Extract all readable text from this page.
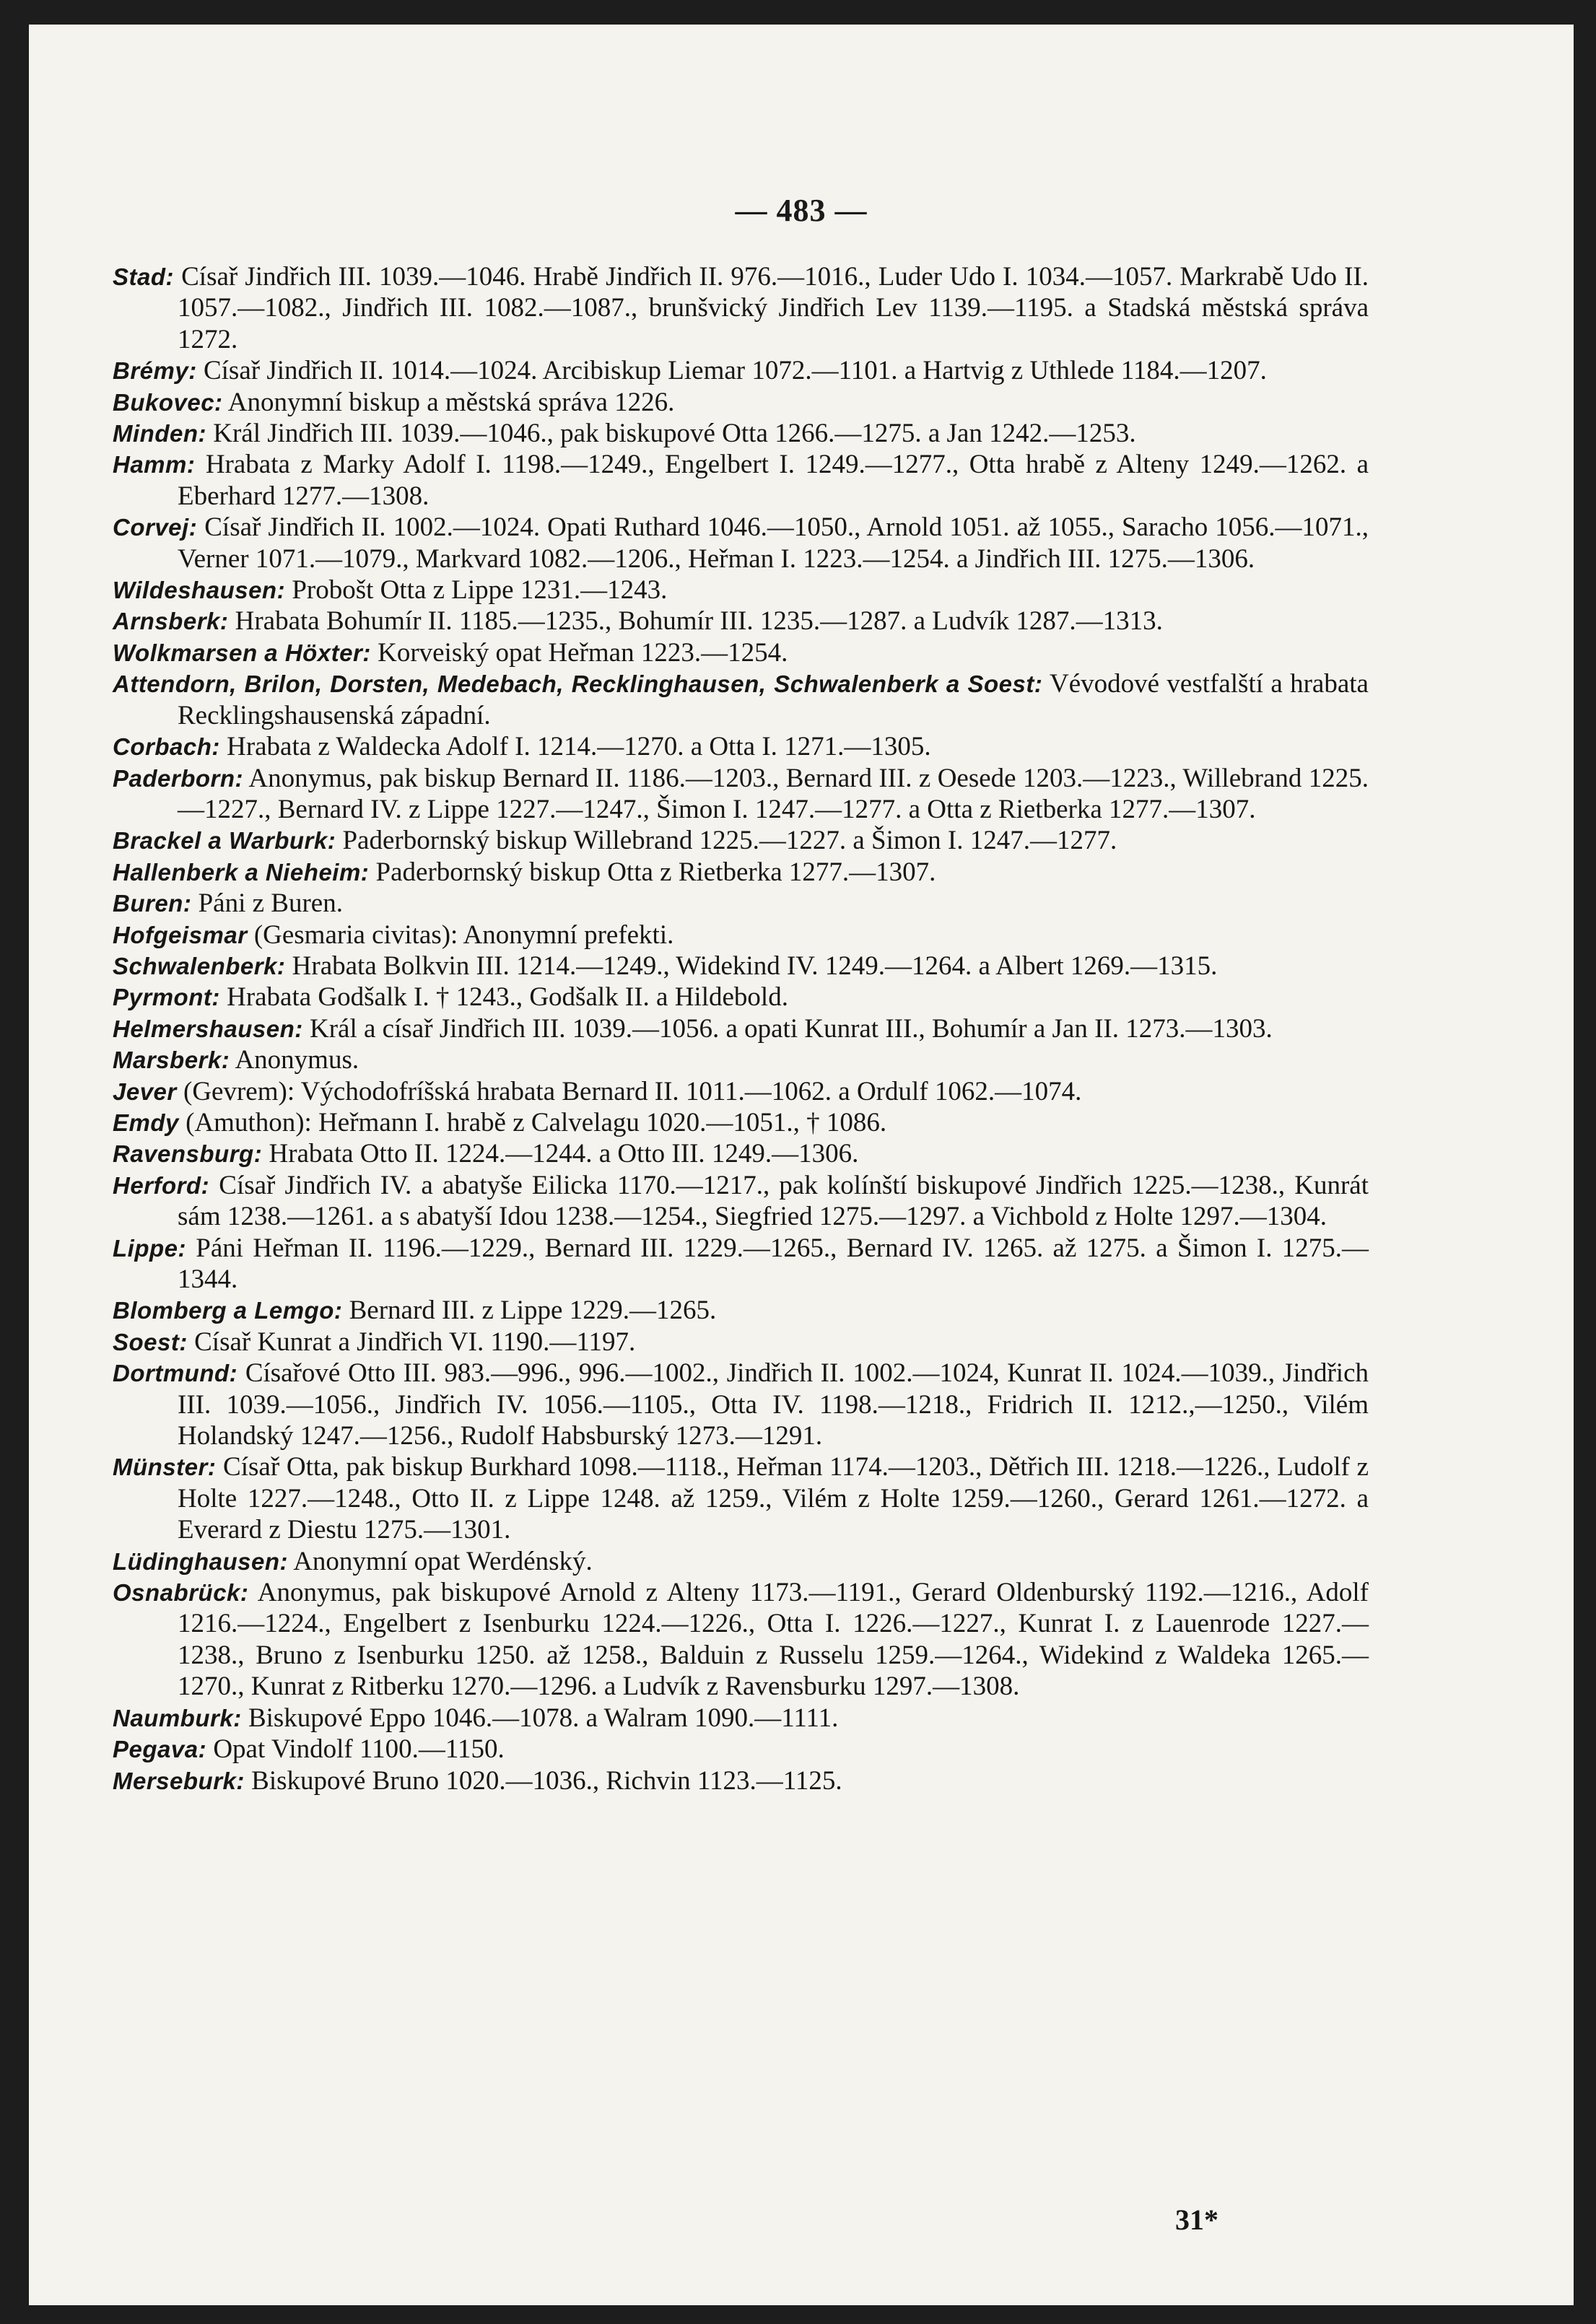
— 483 —

Stad: Císař Jindřich III. 1039.—1046. Hrabě Jindřich II. 976.—1016., Luder Udo I. 1034.—1057. Markrabě Udo II. 1057.—1082., Jindřich III. 1082.—1087., brunšvický Jindřich Lev 1139.—1195. a Stadská městská správa 1272.

Brémy: Císař Jindřich II. 1014.—1024. Arcibiskup Liemar 1072.—1101. a Hartvig z Uthlede 1184.—1207.

Bukovec: Anonymní biskup a městská správa 1226.

Minden: Král Jindřich III. 1039.—1046., pak biskupové Otta 1266.—1275. a Jan 1242.—1253.

Hamm: Hrabata z Marky Adolf I. 1198.—1249., Engelbert I. 1249.—1277., Otta hrabě z Alteny 1249.—1262. a Eberhard 1277.—1308.

Corvej: Císař Jindřich II. 1002.—1024. Opati Ruthard 1046.—1050., Arnold 1051. až 1055., Saracho 1056.—1071., Verner 1071.—1079., Markvard 1082.—1206., Heřman I. 1223.—1254. a Jindřich III. 1275.—1306.

Wildeshausen: Probošt Otta z Lippe 1231.—1243.

Arnsberk: Hrabata Bohumír II. 1185.—1235., Bohumír III. 1235.—1287. a Ludvík 1287.—1313.

Wolkmarsen a Höxter: Korveiský opat Heřman 1223.—1254.

Attendorn, Brilon, Dorsten, Medebach, Recklinghausen, Schwalenberk a Soest: Vévodové vestfalští a hrabata Recklingshausenská západní.

Corbach: Hrabata z Waldecka Adolf I. 1214.—1270. a Otta I. 1271.—1305.

Paderborn: Anonymus, pak biskup Bernard II. 1186.—1203., Bernard III. z Oesede 1203.—1223., Willebrand 1225.—1227., Bernard IV. z Lippe 1227.—1247., Šimon I. 1247.—1277. a Otta z Rietberka 1277.—1307.

Brackel a Warburk: Paderbornský biskup Willebrand 1225.—1227. a Šimon I. 1247.—1277.

Hallenberk a Nieheim: Paderbornský biskup Otta z Rietberka 1277.—1307.

Buren: Páni z Buren.

Hofgeismar (Gesmaria civitas): Anonymní prefekti.

Schwalenberk: Hrabata Bolkvin III. 1214.—1249., Widekind IV. 1249.—1264. a Albert 1269.—1315.

Pyrmont: Hrabata Godšalk I. † 1243., Godšalk II. a Hildebold.

Helmershausen: Král a císař Jindřich III. 1039.—1056. a opati Kunrat III., Bohumír a Jan II. 1273.—1303.

Marsberk: Anonymus.

Jever (Gevrem): Východofríšská hrabata Bernard II. 1011.—1062. a Ordulf 1062.—1074.

Emdy (Amuthon): Heřmann I. hrabě z Calvelagu 1020.—1051., † 1086.

Ravensburg: Hrabata Otto II. 1224.—1244. a Otto III. 1249.—1306.

Herford: Císař Jindřich IV. a abatyše Eilicka 1170.—1217., pak kolínští biskupové Jindřich 1225.—1238., Kunrát sám 1238.—1261. a s abatyší Idou 1238.—1254., Siegfried 1275.—1297. a Vichbold z Holte 1297.—1304.

Lippe: Páni Heřman II. 1196.—1229., Bernard III. 1229.—1265., Bernard IV. 1265. až 1275. a Šimon I. 1275.—1344.

Blomberg a Lemgo: Bernard III. z Lippe 1229.—1265.

Soest: Císař Kunrat a Jindřich VI. 1190.—1197.

Dortmund: Císařové Otto III. 983.—996., 996.—1002., Jindřich II. 1002.—1024, Kunrat II. 1024.—1039., Jindřich III. 1039.—1056., Jindřich IV. 1056.—1105., Otta IV. 1198.—1218., Fridrich II. 1212.,—1250., Vilém Holandský 1247.—1256., Rudolf Habsburský 1273.—1291.

Münster: Císař Otta, pak biskup Burkhard 1098.—1118., Heřman 1174.—1203., Dětřich III. 1218.—1226., Ludolf z Holte 1227.—1248., Otto II. z Lippe 1248. až 1259., Vilém z Holte 1259.—1260., Gerard 1261.—1272. a Everard z Diestu 1275.—1301.

Lüdinghausen: Anonymní opat Werdénský.

Osnabrück: Anonymus, pak biskupové Arnold z Alteny 1173.—1191., Gerard Oldenburský 1192.—1216., Adolf 1216.—1224., Engelbert z Isenburku 1224.—1226., Otta I. 1226.—1227., Kunrat I. z Lauenrode 1227.—1238., Bruno z Isenburku 1250. až 1258., Balduin z Russelu 1259.—1264., Widekind z Waldeka 1265.—1270., Kunrat z Ritberku 1270.—1296. a Ludvík z Ravensburku 1297.—1308.

Naumburk: Biskupové Eppo 1046.—1078. a Walram 1090.—1111.

Pegava: Opat Vindolf 1100.—1150.

Merseburk: Biskupové Bruno 1020.—1036., Richvin 1123.—1125.

31*
